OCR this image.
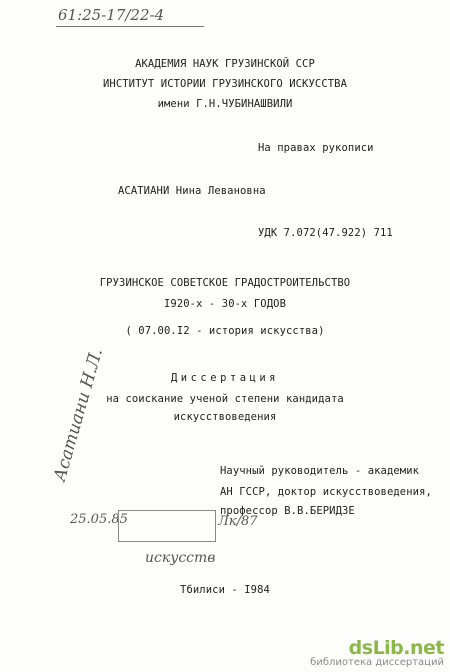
61:25-17/22-4
АКАДЕМИЯ НАУК ГРУЗИНСКОЙ ССР
ИНСТИТУТ ИСТОРИИ ГРУЗИНСКОГО ИСКУССТВА
имени Г.Н.ЧУБИНАШВИЛИ
На правах рукописи
АСАТИАНИ Нина Левановна
УДК 7.072(47.922) 711
ГРУЗИНСКОЕ СОВЕТСКОЕ ГРАДОСТРОИТЕЛЬСТВО
I920-х - 30-х ГОДОВ
( 07.00.I2 - история искусства)
Диссертация
на соискание ученой степени кандидата
искусствоведения
Научный руководитель - академик
АН ГССР, доктор искусствоведения,
профессор В.В.БЕРИДЗЕ
Асатиани Н.Л.
25.05.85	Лк/87
искусств
Тбилиси - I984
dsLib.net
библиотека диссертаций
